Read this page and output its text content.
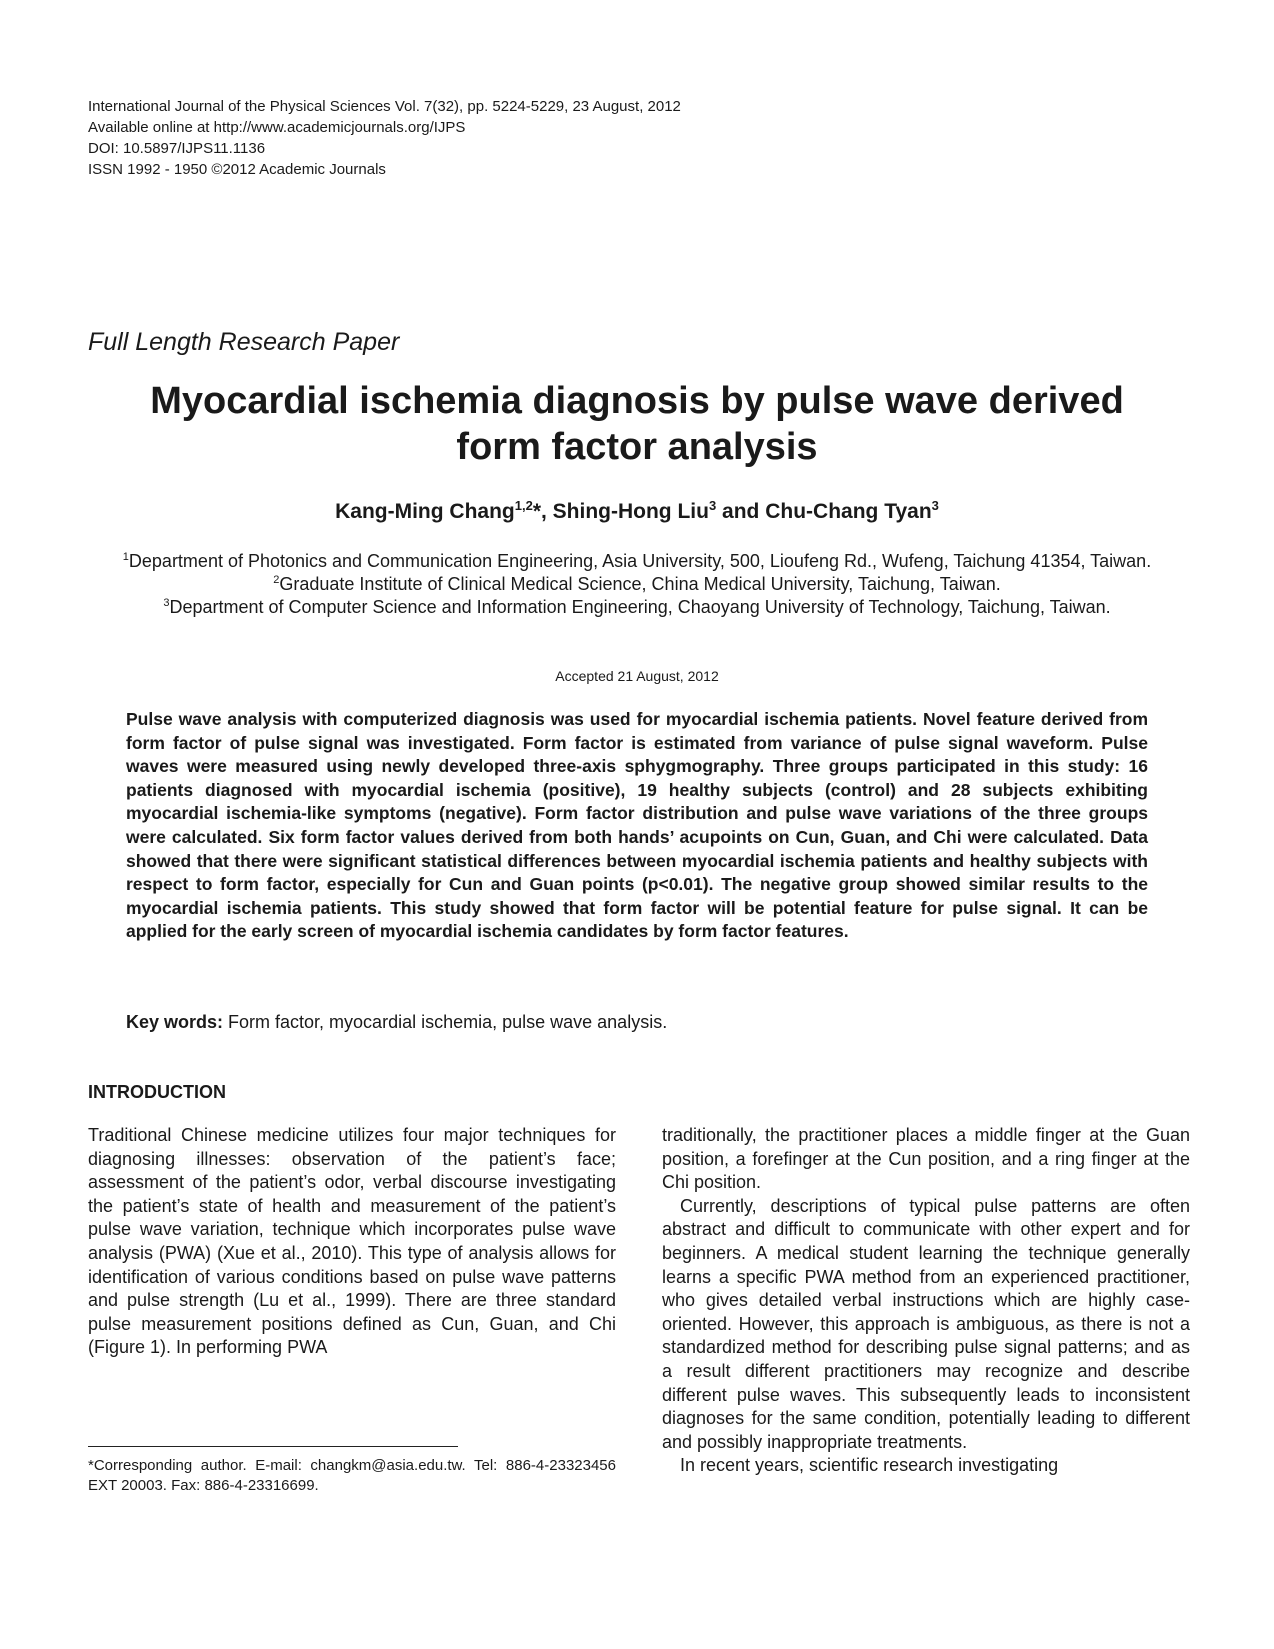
International Journal of the Physical Sciences Vol. 7(32), pp. 5224-5229, 23 August, 2012
Available online at http://www.academicjournals.org/IJPS
DOI: 10.5897/IJPS11.1136
ISSN 1992 - 1950 ©2012 Academic Journals
Full Length Research Paper
Myocardial ischemia diagnosis by pulse wave derived
form factor analysis
Kang-Ming Chang$^{1,2}$*, Shing-Hong Liu$^3$ and Chu-Chang Tyan$^3$
$^1$Department of Photonics and Communication Engineering, Asia University, 500, Lioufeng Rd., Wufeng, Taichung 41354, Taiwan.
$^2$Graduate Institute of Clinical Medical Science, China Medical University, Taichung, Taiwan.
$^3$Department of Computer Science and Information Engineering, Chaoyang University of Technology, Taichung, Taiwan.
Accepted 21 August, 2012
Pulse wave analysis with computerized diagnosis was used for myocardial ischemia patients. Novel feature derived from form factor of pulse signal was investigated. Form factor is estimated from variance of pulse signal waveform. Pulse waves were measured using newly developed three-axis sphygmography. Three groups participated in this study: 16 patients diagnosed with myocardial ischemia (positive), 19 healthy subjects (control) and 28 subjects exhibiting myocardial ischemia-like symptoms (negative). Form factor distribution and pulse wave variations of the three groups were calculated. Six form factor values derived from both hands’ acupoints on Cun, Guan, and Chi were calculated. Data showed that there were significant statistical differences between myocardial ischemia patients and healthy subjects with respect to form factor, especially for Cun and Guan points (p<0.01). The negative group showed similar results to the myocardial ischemia patients. This study showed that form factor will be potential feature for pulse signal. It can be applied for the early screen of myocardial ischemia candidates by form factor features.
Key words: Form factor, myocardial ischemia, pulse wave analysis.
INTRODUCTION

Traditional Chinese medicine utilizes four major techniques for diagnosing illnesses: observation of the patient’s face; assessment of the patient’s odor, verbal discourse investigating the patient’s state of health and measurement of the patient’s pulse wave variation, technique which incorporates pulse wave analysis (PWA) (Xue et al., 2010). This type of analysis allows for identification of various conditions based on pulse wave patterns and pulse strength (Lu et al., 1999). There are three standard pulse measurement positions defined as Cun, Guan, and Chi (Figure 1). In performing PWA

traditionally, the practitioner places a middle finger at the Guan position, a forefinger at the Cun position, and a ring finger at the Chi position.

Currently, descriptions of typical pulse patterns are often abstract and difficult to communicate with other expert and for beginners. A medical student learning the technique generally learns a specific PWA method from an experienced practitioner, who gives detailed verbal instructions which are highly case-oriented. However, this approach is ambiguous, as there is not a standardized method for describing pulse signal patterns; and as a result different practitioners may recognize and describe different pulse waves. This subsequently leads to inconsistent diagnoses for the same condition, potentially leading to different and possibly inappropriate treatments.

In recent years, scientific research investigating

*Corresponding author. E-mail: changkm@asia.edu.tw. Tel: 886-4-23323456 EXT 20003. Fax: 886-4-23316699.
